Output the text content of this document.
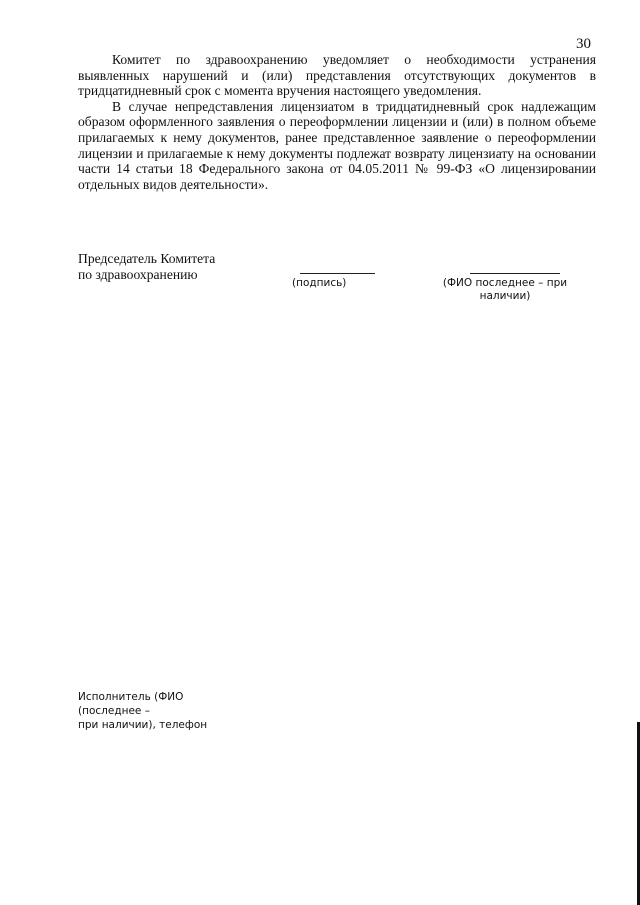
30

Комитет по здравоохранению уведомляет о необходимости устранения выявленных нарушений и (или) представления отсутствующих документов в тридцатидневный срок с момента вручения настоящего уведомления.

В случае непредставления лицензиатом в тридцатидневный срок надлежащим образом оформленного заявления о переоформлении лицензии и (или) в полном объеме прилагаемых к нему документов, ранее представленное заявление о переоформлении лицензии и прилагаемые к нему документы подлежат возврату лицензиату на основании части 14 статьи 18 Федерального закона от 04.05.2011 № 99-ФЗ «О лицензировании отдельных видов деятельности».

Председатель Комитета
по здравоохранению
(подпись)	(ФИО последнее – при
наличии)
Исполнитель (ФИО (последнее –
при наличии), телефон
